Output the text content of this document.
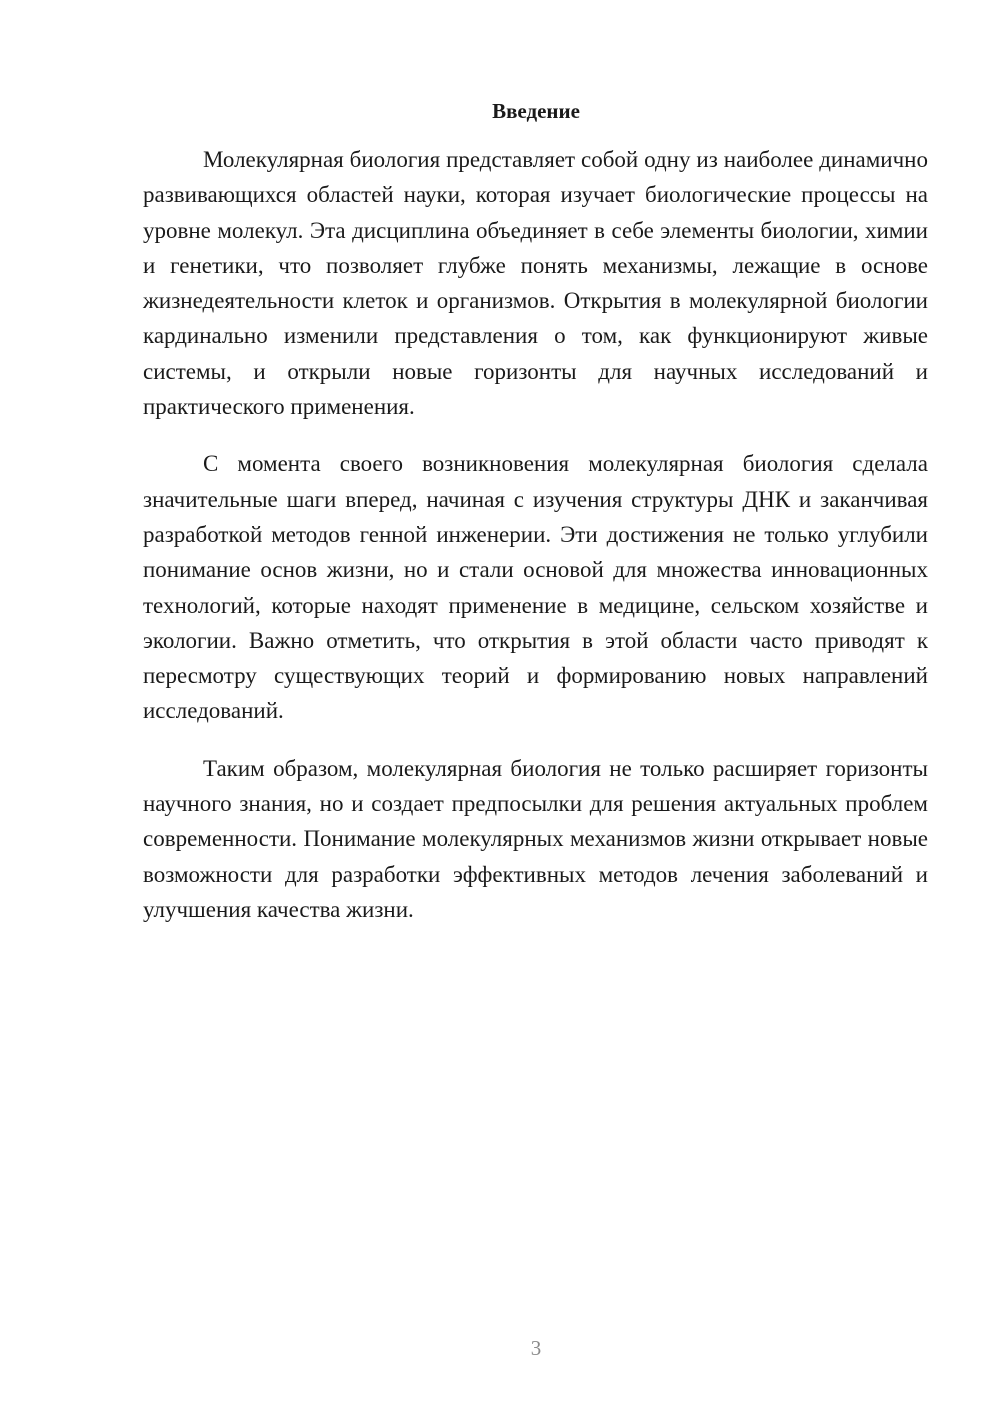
Введение

Молекулярная биология представляет собой одну из наиболее динамично развивающихся областей науки, которая изучает биологические процессы на уровне молекул. Эта дисциплина объединяет в себе элементы биологии, химии и генетики, что позволяет глубже понять механизмы, лежащие в основе жизнедеятельности клеток и организмов. Открытия в молекулярной биологии кардинально изменили представления о том, как функционируют живые системы, и открыли новые горизонты для научных исследований и практического применения.

С момента своего возникновения молекулярная биология сделала значительные шаги вперед, начиная с изучения структуры ДНК и заканчивая разработкой методов генной инженерии. Эти достижения не только углубили понимание основ жизни, но и стали основой для множества инновационных технологий, которые находят применение в медицине, сельском хозяйстве и экологии. Важно отметить, что открытия в этой области часто приводят к пересмотру существующих теорий и формированию новых направлений исследований.

Таким образом, молекулярная биология не только расширяет горизонты научного знания, но и создает предпосылки для решения актуальных проблем современности. Понимание молекулярных механизмов жизни открывает новые возможности для разработки эффективных методов лечения заболеваний и улучшения качества жизни.

3
